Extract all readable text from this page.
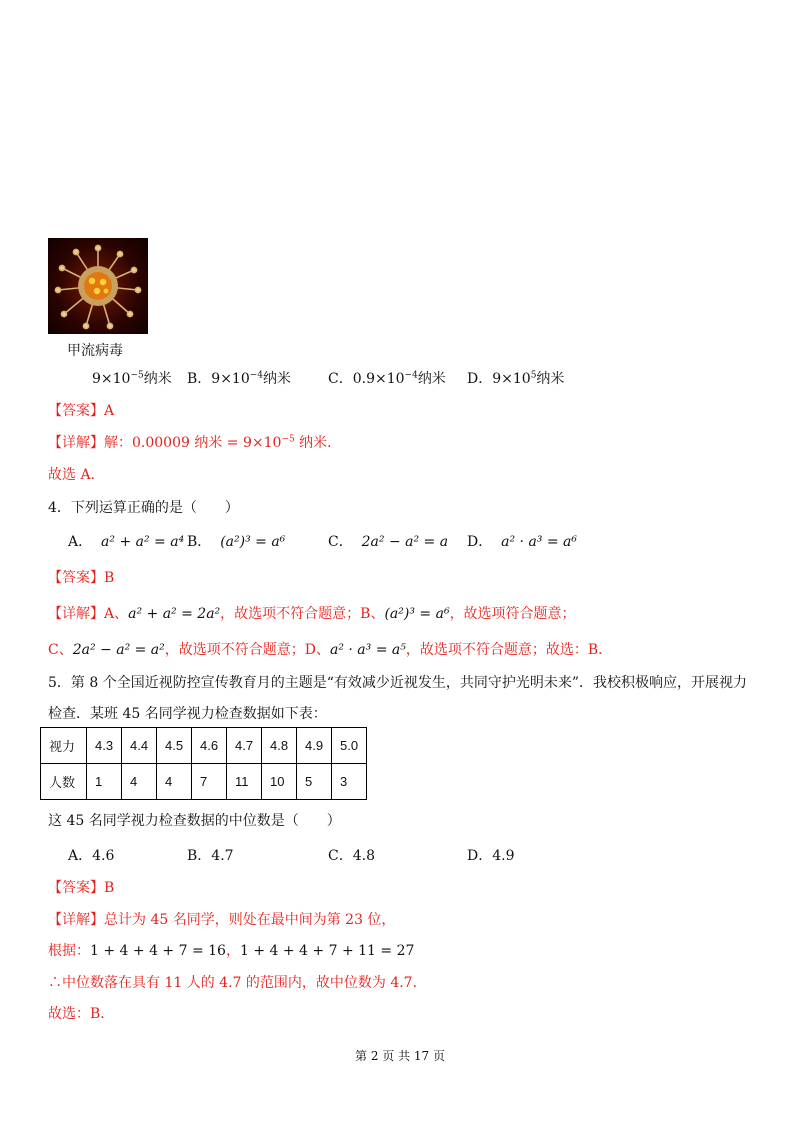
甲流病毒
$9\times 10^{-5}$纳米 B．$9\times 10^{-4}$纳米	C．$0.9\times 10^{-4}$纳米 D．$9\times 10^5$纳米
【答案】A
【详解】解：0.00009 纳米 = $9\times 10^{-5}$ 纳米．
故选 A．
4．下列运算正确的是（　　）
A． a² + a² = a⁴ B． (a²)³ = a⁶	C． 2a² − a² = a D． a² · a³ = a⁶
【答案】B
【详解】A、a² + a² = 2a²，故选项不符合题意；B、(a²)³ = a⁶，故选项符合题意；
C、2a² − a² = a²，故选项不符合题意；D、a² · a³ = a⁵，故选项不符合题意；故选：B．
5．第 8 个全国近视防控宣传教育月的主题是“有效减少近视发生，共同守护光明未来”．我校积极响应，开展视力
检查．某班 45 名同学视力检查数据如下表：
视力	4.3	4.4	4.5	4.6	4.7	4.8	4.9	5.0
人数	1	4	4	7	11	10	5	3
这 45 名同学视力检查数据的中位数是（　　）
A．4.6	B．4.7	C．4.8	D．4.9
【答案】B
【详解】总计为 45 名同学，则处在最中间为第 23 位，
根据：1 + 4 + 4 + 7 = 16，1 + 4 + 4 + 7 + 11 = 27
∴中位数落在具有 11 人的 4.7 的范围内，故中位数为 4.7．
故选：B．
第 2 页 共 17 页
